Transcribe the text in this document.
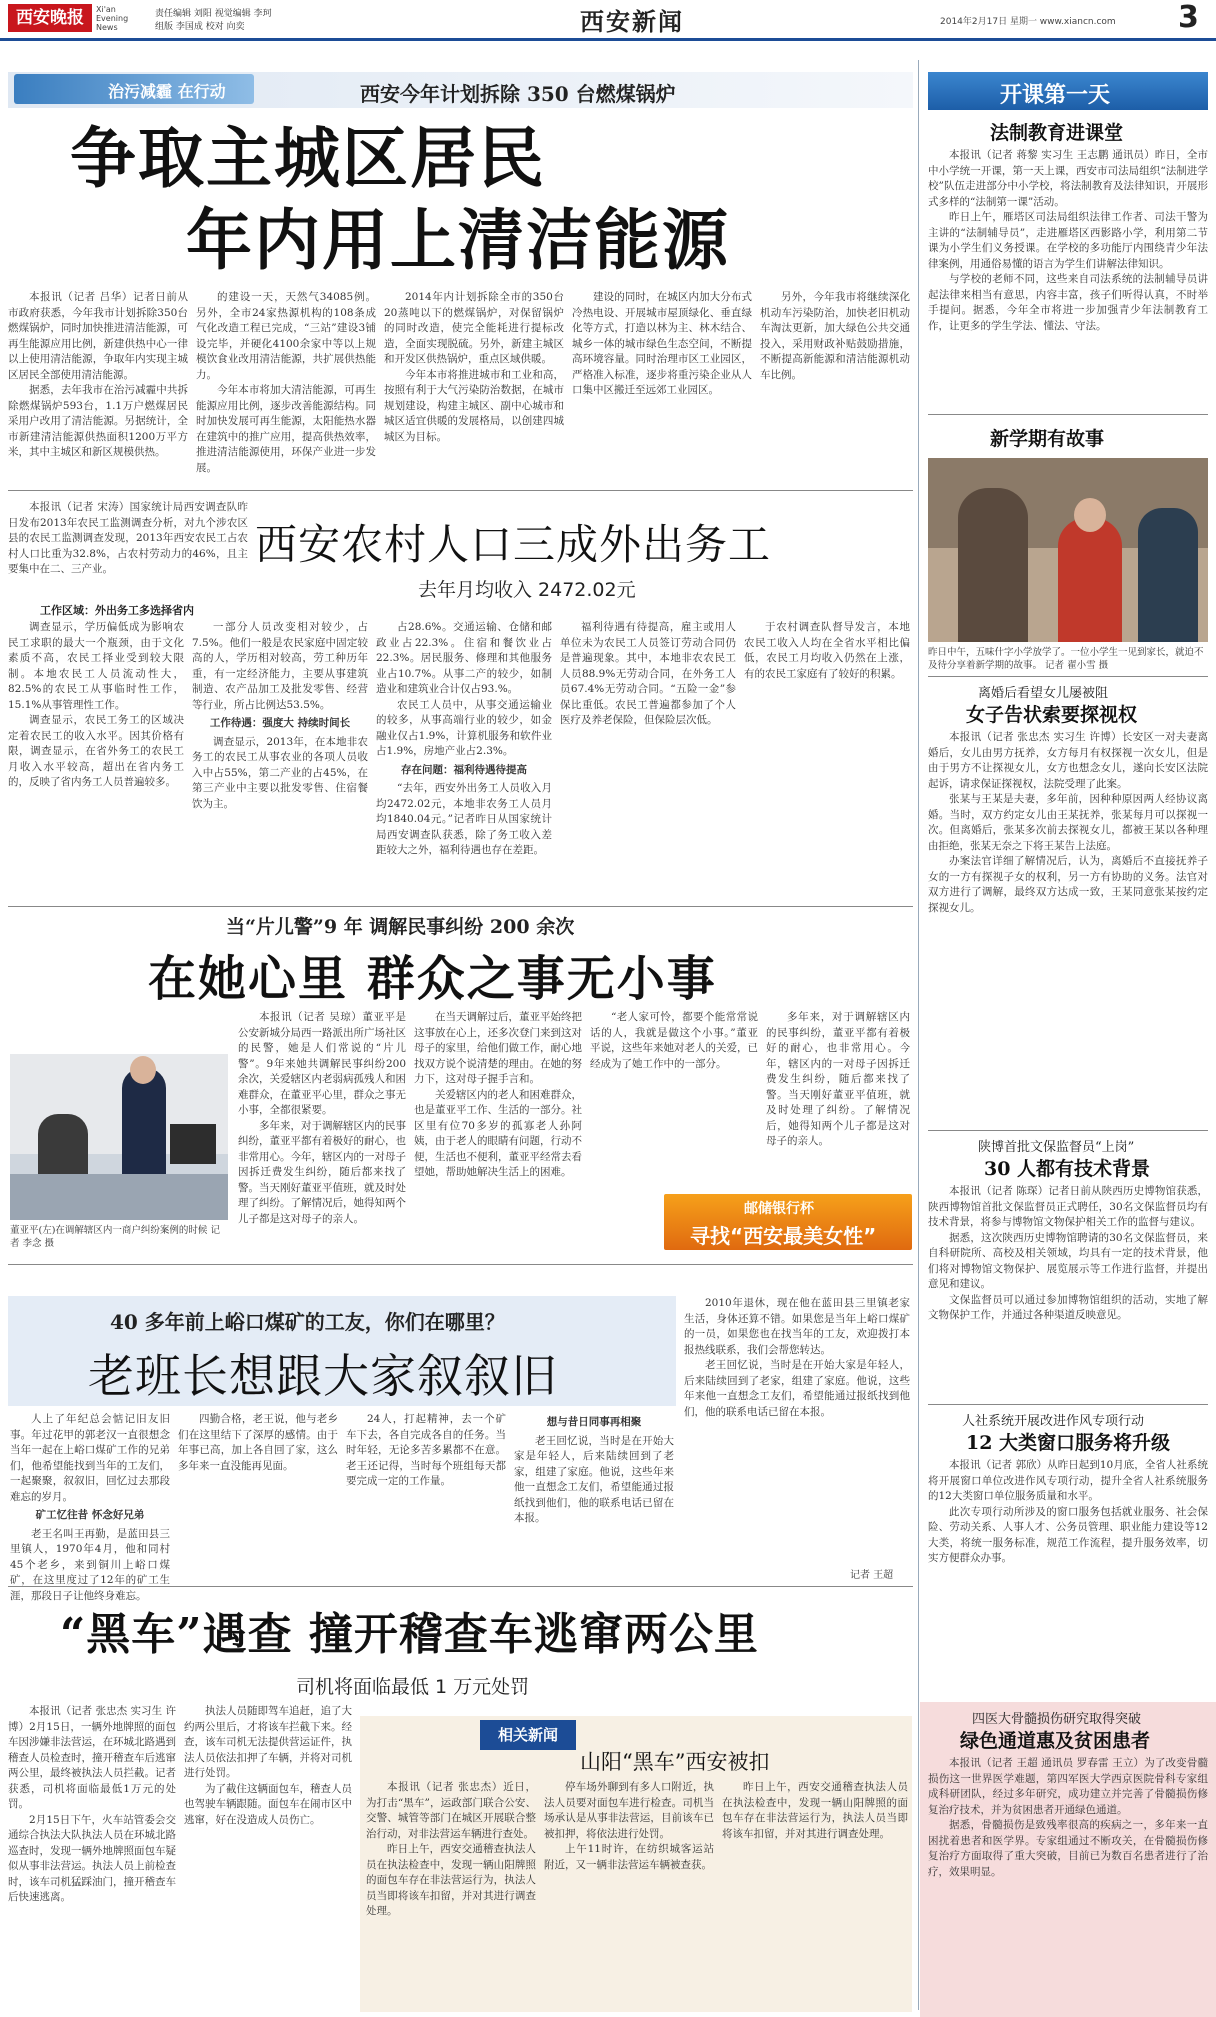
西安晚报	Xi'an Evening News
责任编辑 刘阳 视觉编辑 李珂
组版 李国成 校对 向奕	西安新闻	2014年2月17日 星期一 www.xiancn.com 3
治污减霾 在行动	西安今年计划拆除 350 台燃煤锅炉
争取主城区居民
年内用上清洁能源

本报讯（记者 吕华）记者日前从市政府获悉，今年我市计划拆除350台燃煤锅炉，同时加快推进清洁能源，可再生能源应用比例，新建供热中心一律以上使用清洁能源，争取年内实现主城区居民全部使用清洁能源。

据悉，去年我市在治污减霾中共拆除燃煤锅炉593台，1.1万户燃煤居民采用户改用了清洁能源。另据统计，全市新建清洁能源供热面积1200万平方米，其中主城区和新区规模供热。

的建设一天，天然气34085例。另外，全市24家热源机构的108条成气化改造工程已完成，“三站”建设3铺设完毕，并硬化4100余家中等以上规模饮食业改用清洁能源，共扩展供热能力。

今年本市将加大清洁能源，可再生能源应用比例，逐步改善能源结构。同时加快发展可再生能源，太阳能热水器在建筑中的推广应用，提高供热效率，推进清洁能源使用，环保产业进一步发展。

2014年内计划拆除全市的350台20蒸吨以下的燃煤锅炉，对保留锅炉的同时改造，使完全能耗进行提标改造，全面实现脱硫。另外，新建主城区和开发区供热锅炉，重点区域供暖。

今年本市将推进城市和工业和高，按照有利于大气污染防治数据，在城市规划建设，构建主城区、副中心城市和城区适宜供暖的发展格局，以创建四城城区为目标。

建设的同时，在城区内加大分布式冷热电设、开展城市屋顶绿化、垂直绿化等方式，打造以林为主、林木结合、城乡一体的城市绿色生态空间，不断提高环境容量。同时治理市区工业园区，严格准入标准，逐步将重污染企业从人口集中区搬迁至远郊工业园区。

另外，今年我市将继续深化机动车污染防治，加快老旧机动车淘汰更新，加大绿色公共交通投入，采用财政补贴鼓励措施，不断提高新能源和清洁能源机动车比例。

本报讯（记者 宋涛）国家统计局西安调查队昨日发布2013年农民工监测调查分析，对九个涉农区县的农民工监测调查发现，2013年西安农民工占农村人口比重为32.8%，占农村劳动力的46%，且主要集中在二、三产业。	西安农村人口三成外出务工
去年月均收入 2472.02元
工作区域：外出务工多选择省内

调查显示，学历偏低成为影响农民工求职的最大一个瓶颈，由于文化素质不高，农民工择业受到较大限制。本地农民工人员流动性大，82.5%的农民工从事临时性工作，15.1%从事管理性工作。

调查显示，农民工务工的区域决定着农民工的收入水平。因其价格有限，调查显示，在省外务工的农民工月收入水平较高，超出在省内务工的，反映了省内务工人员普遍较多。

一部分人员改变相对较少，占7.5%。他们一般是农民家庭中固定较高的人，学历相对较高，劳工种历年重，有一定经济能力，主要从事建筑制造、农产品加工及批发零售、经营等行业，所占比例达53.5%。

工作待遇：强度大 持续时间长

调查显示，2013年，在本地非农务工的农民工从事农业的各项人员收入中占55%，第二产业的占45%，在第三产业中主要以批发零售、住宿餐饮为主。

占28.6%。交通运输、仓储和邮政业占22.3%。住宿和餐饮业占22.3%。居民服务、修理和其他服务业占10.7%。从事二产的较少，如制造业和建筑业合计仅占93.%。

农民工人员中，从事交通运输业的较多，从事高端行业的较少，如金融业仅占1.9%，计算机服务和软件业占1.9%，房地产业占2.3%。

存在问题：福利待遇待提高

“去年，西安外出务工人员收入月均2472.02元，本地非农务工人员月均1840.04元。”记者昨日从国家统计局西安调查队获悉，除了务工收入差距较大之外，福利待遇也存在差距。

福利待遇有待提高，雇主或用人单位未为农民工人员签订劳动合同仍是普遍现象。其中，本地非农农民工人员88.9%无劳动合同，在外务工人员67.4%无劳动合同。“五险一金”参保比重低。农民工普遍都参加了个人医疗及养老保险，但保险层次低。

于农村调查队督导发言，本地农民工收入人均在全省水平相比偏低，农民工月均收入仍然在上涨，有的农民工家庭有了较好的积累。

当“片儿警”9 年 调解民事纠纷 200 余次
在她心里 群众之事无小事
董亚平(左)在调解辖区内一商户纠纷案例的时候 记者 李念 摄

本报讯（记者 吴琼）董亚平是公安新城分局西一路派出所广场社区的民警，她是人们常说的“片儿警”。9年来她共调解民事纠纷200余次，关爱辖区内老弱病孤残人和困难群众，在董亚平心里，群众之事无小事，全都很紧要。

多年来，对于调解辖区内的民事纠纷，董亚平都有着极好的耐心，也非常用心。今年，辖区内的一对母子因拆迁费发生纠纷，随后都来找了警。当天刚好董亚平值班，就及时处理了纠纷。了解情况后，她得知两个儿子都是这对母子的亲人。

在当天调解过后，董亚平始终把这事放在心上，还多次登门来到这对母子的家里，给他们做工作，耐心地找双方说个说清楚的理由。在她的努力下，这对母子握手言和。

关爱辖区内的老人和困难群众，也是董亚平工作、生活的一部分。社区里有位70多岁的孤寡老人孙阿姨，由于老人的眼睛有问题，行动不便，生活也不便利，董亚平经常去看望她，帮助她解决生活上的困难。

“老人家可怜，都要个能常常说话的人，我就是做这个小事。”董亚平说，这些年来她对老人的关爱，已经成为了她工作中的一部分。

多年来，对于调解辖区内的民事纠纷，董亚平都有着极好的耐心，也非常用心。今年，辖区内的一对母子因拆迁费发生纠纷，随后都来找了警。当天刚好董亚平值班，就及时处理了纠纷。了解情况后，她得知两个儿子都是这对母子的亲人。

邮储银行杯
寻找“西安最美女性”
40 多年前上峪口煤矿的工友，你们在哪里？
老班长想跟大家叙叙旧

人上了年纪总会惦记旧友旧事。年过花甲的郭老汉一直很想念当年一起在上峪口煤矿工作的兄弟们，他希望能找到当年的工友们，一起聚聚，叙叙旧，回忆过去那段难忘的岁月。

矿工忆往昔 怀念好兄弟

老王名叫王再勤，是蓝田县三里镇人，1970年4月，他和同村45个老乡，来到铜川上峪口煤矿，在这里度过了12年的矿工生涯，那段日子让他终身难忘。

四勤合格，老王说，他与老乡们在这里结下了深厚的感情。由于年事已高，加上各自回了家，这么多年来一直没能再见面。

24人，打起精神，去一个矿车下去，各自完成各自的任务。当时年轻，无论多苦多累都不在意。老王还记得，当时每个班组每天都要完成一定的工作量。

想与昔日同事再相聚

老王回忆说，当时是在开始大家是年轻人，后来陆续回到了老家，组建了家庭。他说，这些年来他一直想念工友们，希望能通过报纸找到他们，他的联系电话已留在本报。

2010年退休，现在他在蓝田县三里镇老家生活，身体还算不错。如果您是当年上峪口煤矿的一员，如果您也在找当年的工友，欢迎拨打本报热线联系，我们会帮您转达。

老王回忆说，当时是在开始大家是年轻人，后来陆续回到了老家，组建了家庭。他说，这些年来他一直想念工友们，希望能通过报纸找到他们，他的联系电话已留在本报。

记者 王超
“黑车”遇查 撞开稽查车逃窜两公里
司机将面临最低 1 万元处罚

本报讯（记者 张忠杰 实习生 许博）2月15日，一辆外地牌照的面包车因涉嫌非法营运，在环城北路遇到稽查人员检查时，撞开稽查车后逃窜两公里，最终被执法人员拦截。记者获悉，司机将面临最低1万元的处罚。

2月15日下午，火车站管委会交通综合执法大队执法人员在环城北路巡查时，发现一辆外地牌照面包车疑似从事非法营运。执法人员上前检查时，该车司机猛踩油门，撞开稽查车后快速逃离。

执法人员随即驾车追赶，追了大约两公里后，才将该车拦截下来。经查，该车司机无法提供营运证件，执法人员依法扣押了车辆，并将对司机进行处罚。

为了截住这辆面包车，稽查人员也驾驶车辆跟随。面包车在闹市区中逃窜，好在没造成人员伤亡。

相关新闻
山阳“黑车”西安被扣

本报讯（记者 张忠杰）近日，为打击“黑车”，运政部门联合公安、交警、城管等部门在城区开展联合整治行动，对非法营运车辆进行查处。

昨日上午，西安交通稽查执法人员在执法检查中，发现一辆山阳牌照的面包车存在非法营运行为，执法人员当即将该车扣留，并对其进行调查处理。

停车场外聊到有多人口附近，执法人员要对面包车进行检查。司机当场承认是从事非法营运，目前该车已被扣押，将依法进行处罚。

上午11时许，在纺织城客运站附近，又一辆非法营运车辆被查获。

昨日上午，西安交通稽查执法人员在执法检查中，发现一辆山阳牌照的面包车存在非法营运行为，执法人员当即将该车扣留，并对其进行调查处理。

开课第一天
法制教育进课堂

本报讯（记者 蒋黎 实习生 王志鹏 通讯员）昨日，全市中小学统一开课，第一天上课，西安市司法局组织“法制进学校”队伍走进部分中小学校，将法制教育及法律知识，开展形式多样的“法制第一课”活动。

昨日上午，雁塔区司法局组织法律工作者、司法干警为主讲的“法制辅导员”，走进雁塔区西影路小学，利用第二节课为小学生们义务授课。在学校的多功能厅内围绕青少年法律案例，用通俗易懂的语言为学生们讲解法律知识。

与学校的老师不同，这些来自司法系统的法制辅导员讲起法律来相当有意思，内容丰富，孩子们听得认真，不时举手提问。据悉，今年全市将进一步加强青少年法制教育工作，让更多的学生学法、懂法、守法。

新学期有故事
昨日中午，五味什字小学放学了。一位小学生一见到家长，就迫不及待分享着新学期的故事。 记者 翟小雪 摄
离婚后看望女儿屡被阻
女子告状索要探视权

本报讯（记者 张忠杰 实习生 许博）长安区一对夫妻离婚后，女儿由男方抚养，女方每月有权探视一次女儿，但是由于男方不让探视女儿，女方也想念女儿，遂向长安区法院起诉，请求保证探视权，法院受理了此案。

张某与王某是夫妻，多年前，因种种原因两人经协议离婚。当时，双方约定女儿由王某抚养，张某每月可以探视一次。但离婚后，张某多次前去探视女儿，都被王某以各种理由拒绝，张某无奈之下将王某告上法庭。

办案法官详细了解情况后，认为，离婚后不直接抚养子女的一方有探视子女的权利，另一方有协助的义务。法官对双方进行了调解，最终双方达成一致，王某同意张某按约定探视女儿。

陕博首批文保监督员“上岗”
30 人都有技术背景

本报讯（记者 陈琛）记者日前从陕西历史博物馆获悉，陕西博物馆首批文保监督员正式聘任，30名文保监督员均有技术背景，将参与博物馆文物保护相关工作的监督与建议。

据悉，这次陕西历史博物馆聘请的30名文保监督员，来自科研院所、高校及相关领域，均具有一定的技术背景，他们将对博物馆文物保护、展览展示等工作进行监督，并提出意见和建议。

文保监督员可以通过参加博物馆组织的活动，实地了解文物保护工作，并通过各种渠道反映意见。

人社系统开展改进作风专项行动
12 大类窗口服务将升级

本报讯（记者 郭欣）从昨日起到10月底，全省人社系统将开展窗口单位改进作风专项行动，提升全省人社系统服务的12大类窗口单位服务质量和水平。

此次专项行动所涉及的窗口服务包括就业服务、社会保险、劳动关系、人事人才、公务员管理、职业能力建设等12大类，将统一服务标准，规范工作流程，提升服务效率，切实方便群众办事。

四医大骨髓损伤研究取得突破
绿色通道惠及贫困患者

本报讯（记者 王超 通讯员 罗春雷 王立）为了改变骨髓损伤这一世界医学难题，第四军医大学西京医院骨科专家组成科研团队，经过多年研究，成功建立并完善了骨髓损伤修复治疗技术，并为贫困患者开通绿色通道。

据悉，骨髓损伤是致残率很高的疾病之一，多年来一直困扰着患者和医学界。专家组通过不断攻关，在骨髓损伤修复治疗方面取得了重大突破，目前已为数百名患者进行了治疗，效果明显。
